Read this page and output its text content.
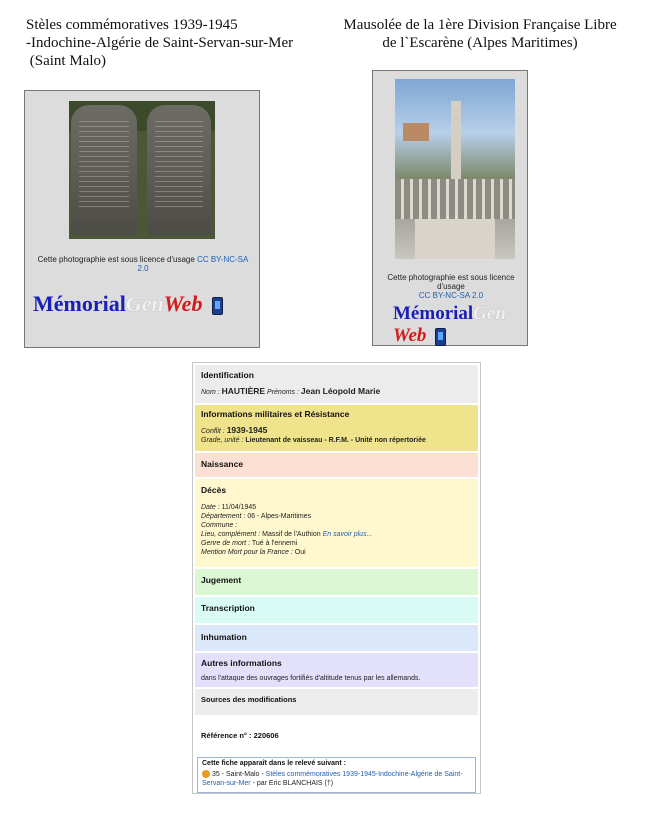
Stèles commémoratives 1939-1945
-Indochine-Algérie de Saint-Servan-sur-Mer
(Saint Malo)
Mausolée de la 1ère Division Française Libre
de l`Escarène (Alpes Maritimes)
Cette photographie est sous licence d'usage CC BY-NC-SA
2.0
MémorialGenWeb
Cette photographie est sous licence d'usage
CC BY-NC-SA 2.0
MémorialGen
Web
Identification
Nom : HAUTIÈRE Prénoms : Jean Léopold Marie
Informations militaires et Résistance
Conflit : 1939-1945
Grade, unité : Lieutenant de vaisseau - R.F.M. - Unité non répertoriée
Naissance
Décès
Date : 11/04/1945
Département : 06 - Alpes-Maritimes
Commune :
Lieu, complément : Massif de l'Authion En savoir plus...
Genre de mort : Tué à l'ennemi
Mention Mort pour la France : Oui
Jugement
Transcription
Inhumation
Autres informations
dans l'attaque des ouvrages fortifiés d'altitude tenus par les allemands.
Sources des modifications
Référence n° : 220606
Cette fiche apparaît dans le relevé suivant :
35 - Saint-Malo - Stèles commémoratives 1939-1945-Indochine-Algérie de Saint-Servan-sur-Mer - par Eric BLANCHAIS (†)
